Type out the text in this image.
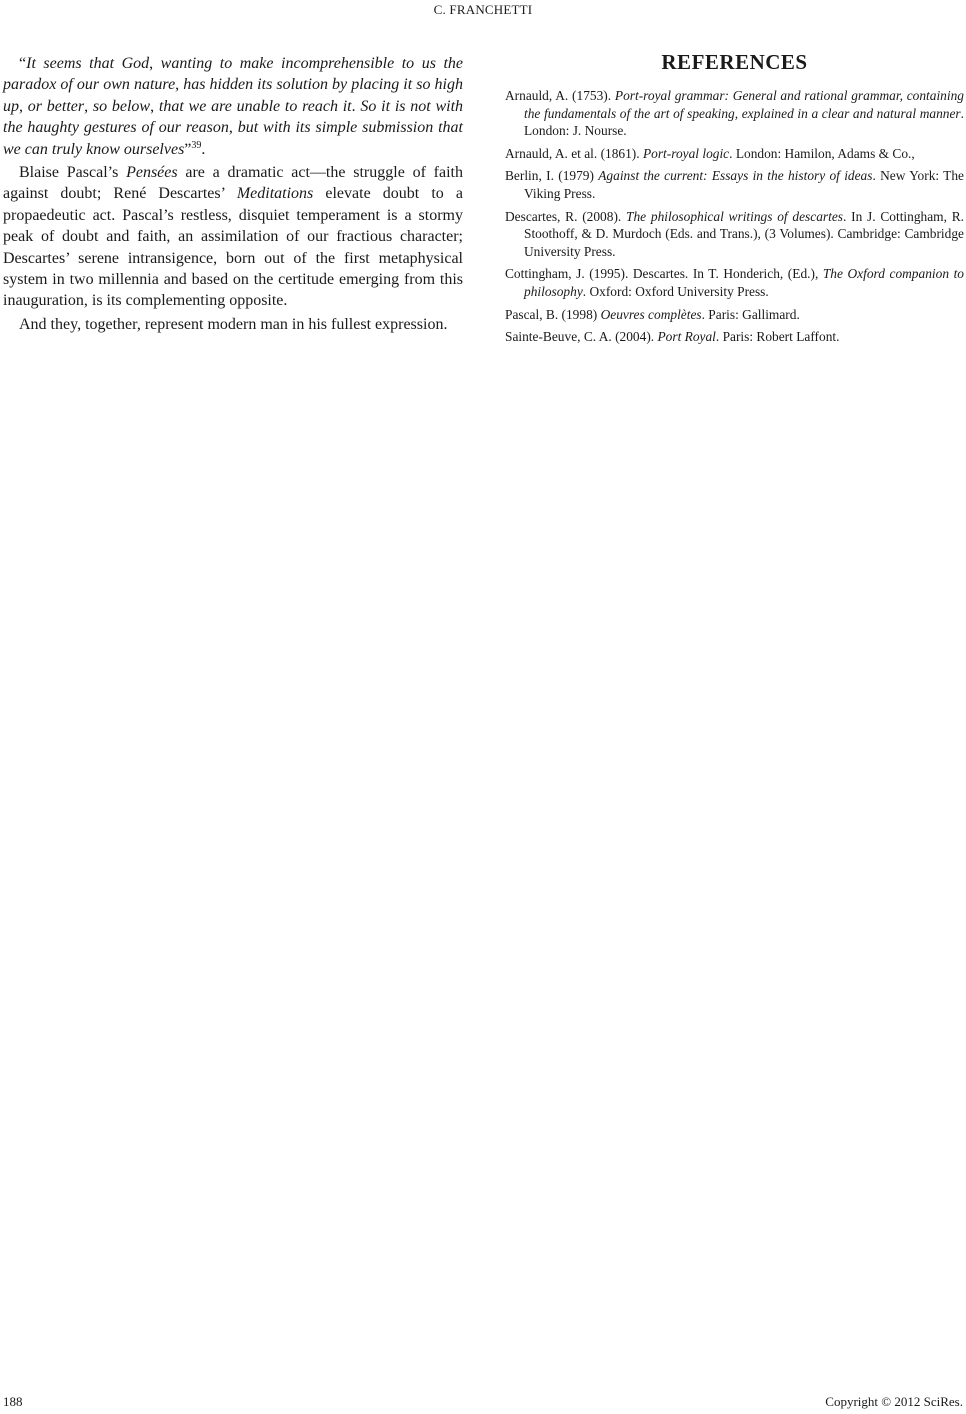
C. FRANCHETTI

“It seems that God, wanting to make incomprehensible to us the paradox of our own nature, has hidden its solution by placing it so high up, or better, so below, that we are unable to reach it. So it is not with the haughty gestures of our reason, but with its simple submission that we can truly know ourselves”$^{39}$.

Blaise Pascal’s Pensées are a dramatic act—the struggle of faith against doubt; René Descartes’ Meditations elevate doubt to a propaedeutic act. Pascal’s restless, disquiet temperament is a stormy peak of doubt and faith, an assimilation of our fractious character; Descartes’ serene intransigence, born out of the first metaphysical system in two millennia and based on the certitude emerging from this inauguration, is its complementing opposite.

And they, together, represent modern man in his fullest expression.

REFERENCES
Arnauld, A. (1753). Port-royal grammar: General and rational grammar, containing the fundamentals of the art of speaking, explained in a clear and natural manner. London: J. Nourse.
Arnauld, A. et al. (1861). Port-royal logic. London: Hamilon, Adams & Co.,
Berlin, I. (1979) Against the current: Essays in the history of ideas. New York: The Viking Press.
Descartes, R. (2008). The philosophical writings of descartes. In J. Cottingham, R. Stoothoff, & D. Murdoch (Eds. and Trans.), (3 Volumes). Cambridge: Cambridge University Press.
Cottingham, J. (1995). Descartes. In T. Honderich, (Ed.), The Oxford companion to philosophy. Oxford: Oxford University Press.
Pascal, B. (1998) Oeuvres complètes. Paris: Gallimard.
Sainte-Beuve, C. A. (2004). Port Royal. Paris: Robert Laffont.
188	Copyright © 2012 SciRes.
